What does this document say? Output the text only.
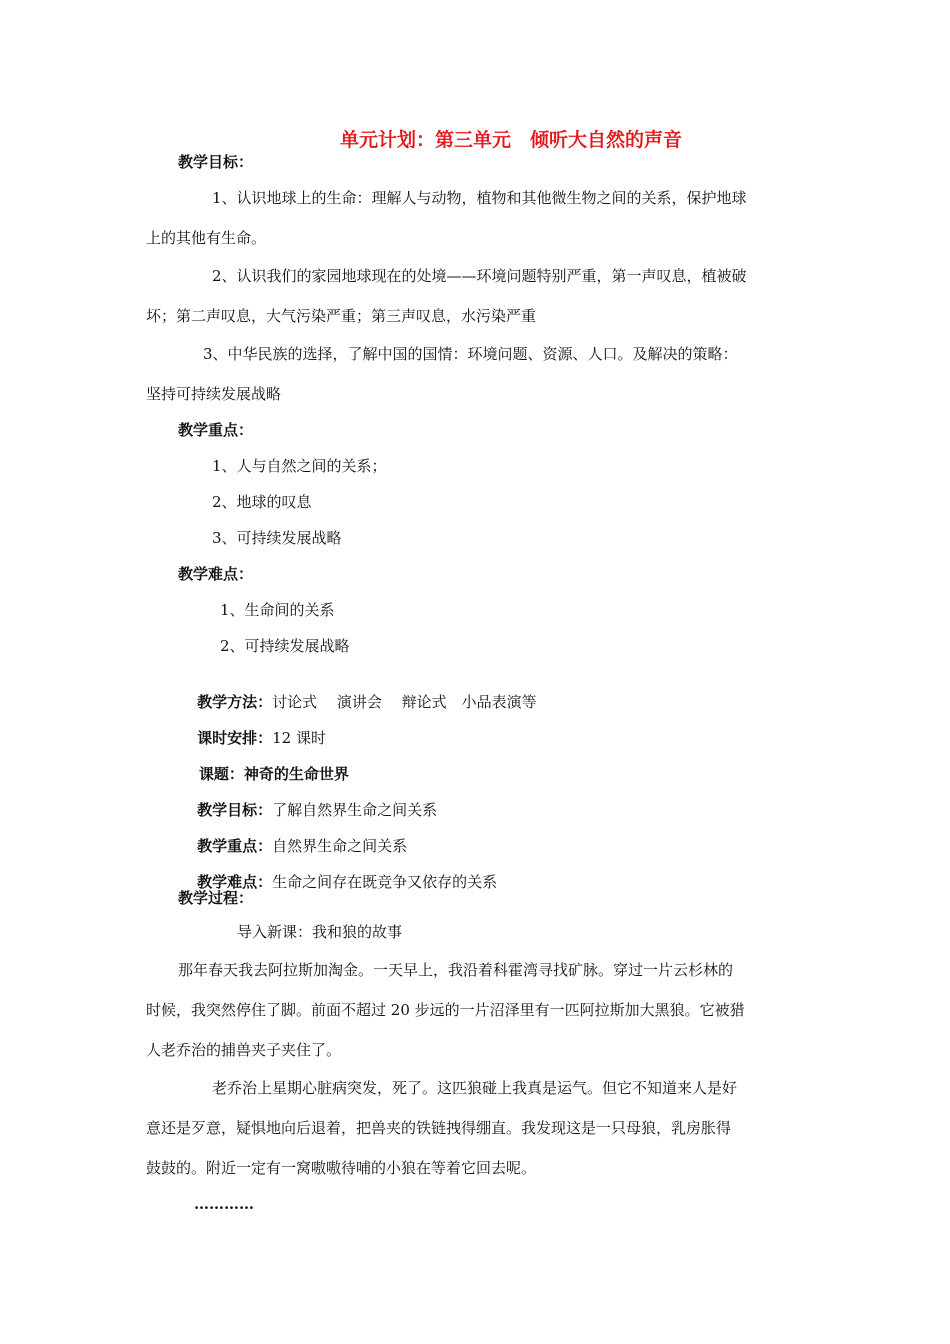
单元计划：第三单元　倾听大自然的声音
教学目标：
1、认识地球上的生命：理解人与动物，植物和其他微生物之间的关系，保护地球
上的其他有生命。
2、认识我们的家园地球现在的处境——环境问题特别严重，第一声叹息，植被破
坏；第二声叹息，大气污染严重；第三声叹息，水污染严重
3、中华民族的选择，了解中国的国情：环境问题、资源、人口。及解决的策略：
坚持可持续发展战略
教学重点：
1、人与自然之间的关系；
2、地球的叹息
3、可持续发展战略
教学难点：
1、生命间的关系
2、可持续发展战略

教学方法：讨论式　 演讲会　 辩论式　小品表演等

课时安排：12 课时

课题：神奇的生命世界

教学目标：了解自然界生命之间关系

教学重点：自然界生命之间关系

教学难点：生命之间存在既竞争又依存的关系

教学过程：
导入新课：我和狼的故事
那年春天我去阿拉斯加淘金。一天早上，我沿着科霍湾寻找矿脉。穿过一片云杉林的
时候，我突然停住了脚。前面不超过 20 步远的一片沼泽里有一匹阿拉斯加大黑狼。它被猎
人老乔治的捕兽夹子夹住了。
老乔治上星期心脏病突发，死了。这匹狼碰上我真是运气。但它不知道来人是好
意还是歹意，疑惧地向后退着，把兽夹的铁链拽得绷直。我发现这是一只母狼，乳房胀得
鼓鼓的。附近一定有一窝嗷嗷待哺的小狼在等着它回去呢。
…………
